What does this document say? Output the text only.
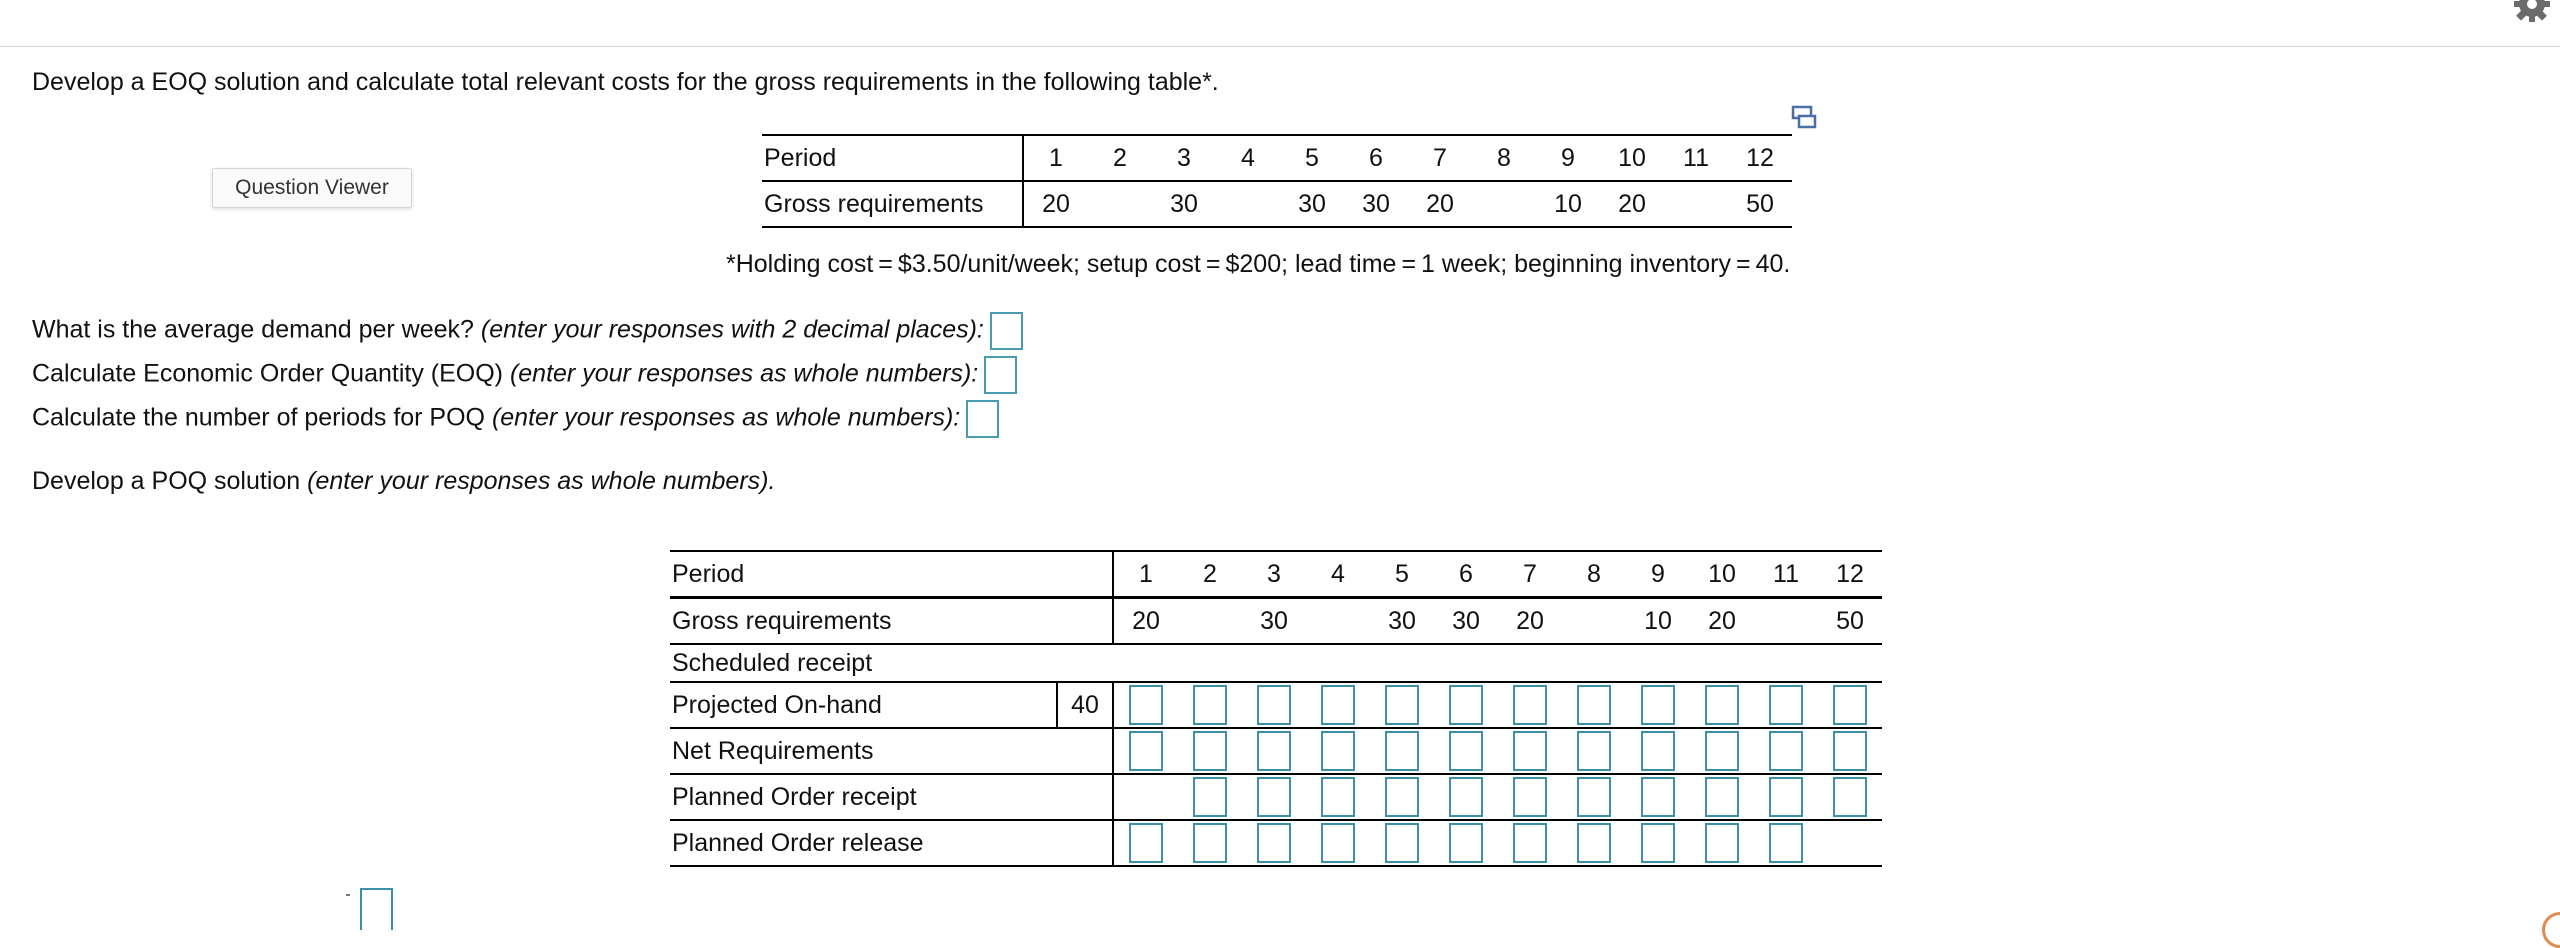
Develop a EOQ solution and calculate total relevant costs for the gross requirements in the following table*.
Question Viewer
Period	1	2	3	4	5	6	7	8	9	10	11	12
Gross requirements	20		30		30	30	20		10	20		50
*Holding cost = $3.50/unit/week; setup cost = $200; lead time = 1 week; beginning inventory = 40.
What is the average demand per week? (enter your responses with 2 decimal places):
Calculate Economic Order Quantity (EOQ) (enter your responses as whole numbers):
Calculate the number of periods for POQ (enter your responses as whole numbers):
Develop a POQ solution (enter your responses as whole numbers).
Period		1	2	3	4	5	6	7	8	9	10	11	12
Gross requirements		20		30		30	30	20		10	20		50
Scheduled receipt													
Projected On-hand	40												
Net Requirements													
Planned Order receipt													
Planned Order release													
